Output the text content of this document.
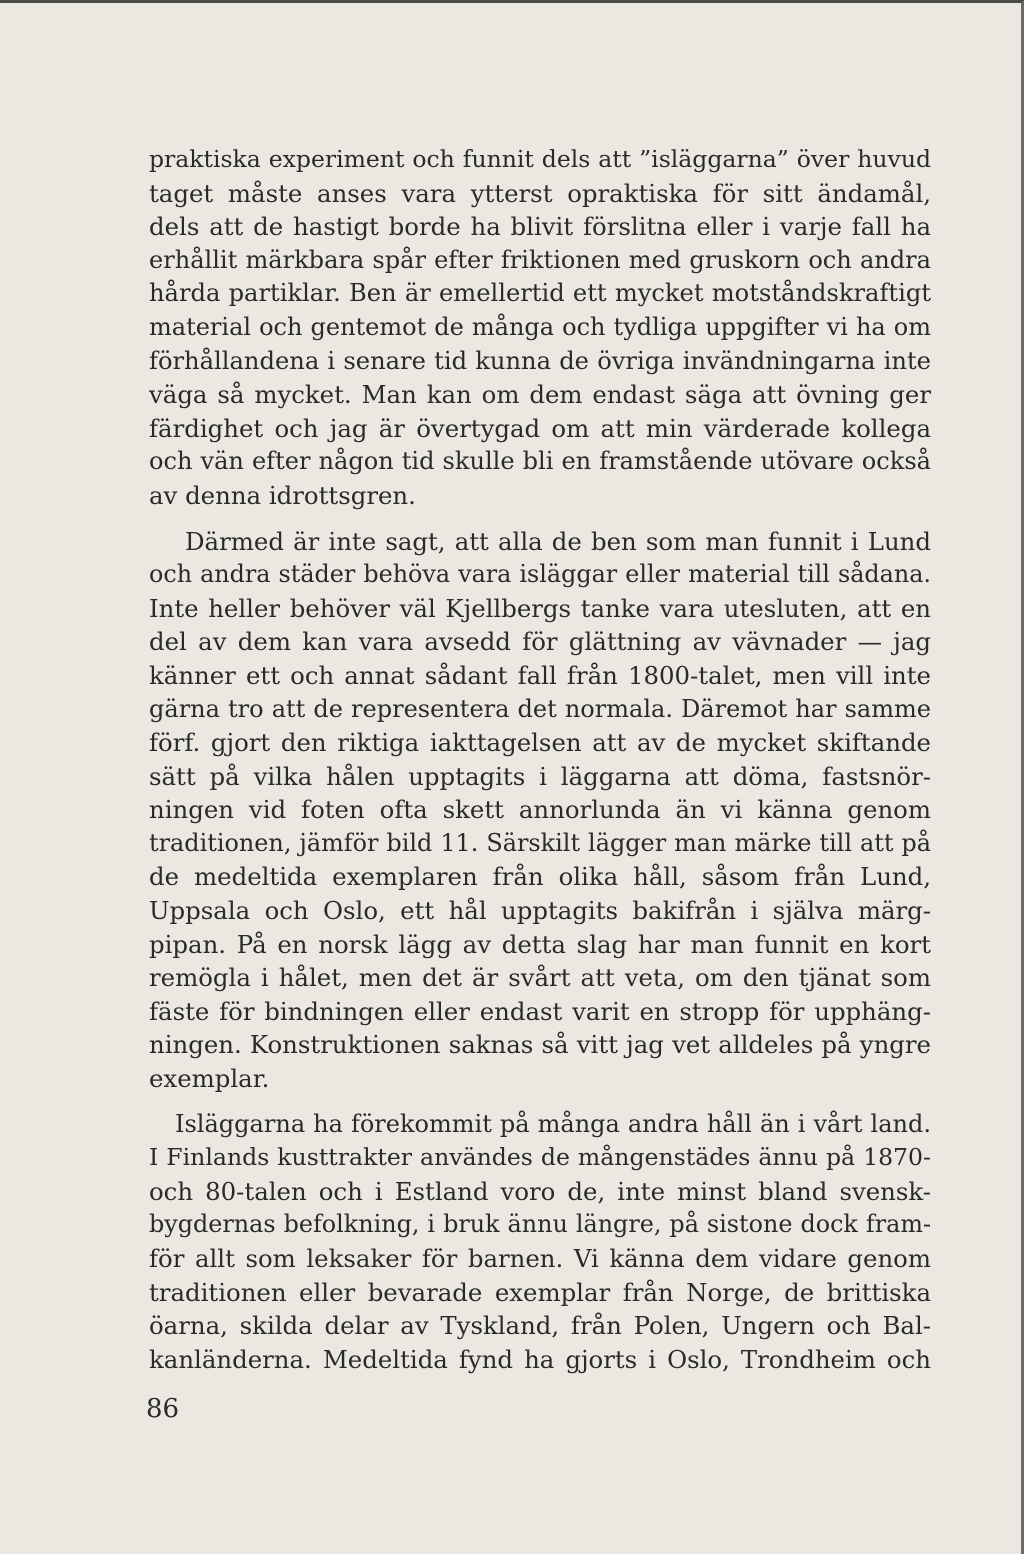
praktiska experiment och funnit dels att ”isläggarna” över huvud
taget måste anses vara ytterst opraktiska för sitt ändamål,
dels att de hastigt borde ha blivit förslitna eller i varje fall ha
erhållit märkbara spår efter friktionen med gruskorn och andra
hårda partiklar. Ben är emellertid ett mycket motståndskraftigt
material och gentemot de många och tydliga uppgifter vi ha om
förhållandena i senare tid kunna de övriga invändningarna inte
väga så mycket. Man kan om dem endast säga att övning ger
färdighet och jag är övertygad om att min värderade kollega
och vän efter någon tid skulle bli en framstående utövare också
av denna idrottsgren.
Därmed är inte sagt, att alla de ben som man funnit i Lund
och andra städer behöva vara isläggar eller material till sådana.
Inte heller behöver väl Kjellbergs tanke vara utesluten, att en
del av dem kan vara avsedd för glättning av vävnader — jag
känner ett och annat sådant fall från 1800-talet, men vill inte
gärna tro att de representera det normala. Däremot har samme
förf. gjort den riktiga iakttagelsen att av de mycket skiftande
sätt på vilka hålen upptagits i läggarna att döma, fastsnör-
ningen vid foten ofta skett annorlunda än vi känna genom
traditionen, jämför bild 11. Särskilt lägger man märke till att på
de medeltida exemplaren från olika håll, såsom från Lund,
Uppsala och Oslo, ett hål upptagits bakifrån i själva märg-
pipan. På en norsk lägg av detta slag har man funnit en kort
remögla i hålet, men det är svårt att veta, om den tjänat som
fäste för bindningen eller endast varit en stropp för upphäng-
ningen. Konstruktionen saknas så vitt jag vet alldeles på yngre
exemplar.
Isläggarna ha förekommit på många andra håll än i vårt land.
I Finlands kusttrakter användes de mångenstädes ännu på 1870-
och 80-talen och i Estland voro de, inte minst bland svensk-
bygdernas befolkning, i bruk ännu längre, på sistone dock fram-
för allt som leksaker för barnen. Vi känna dem vidare genom
traditionen eller bevarade exemplar från Norge, de brittiska
öarna, skilda delar av Tyskland, från Polen, Ungern och Bal-
kanländerna. Medeltida fynd ha gjorts i Oslo, Trondheim och
86
